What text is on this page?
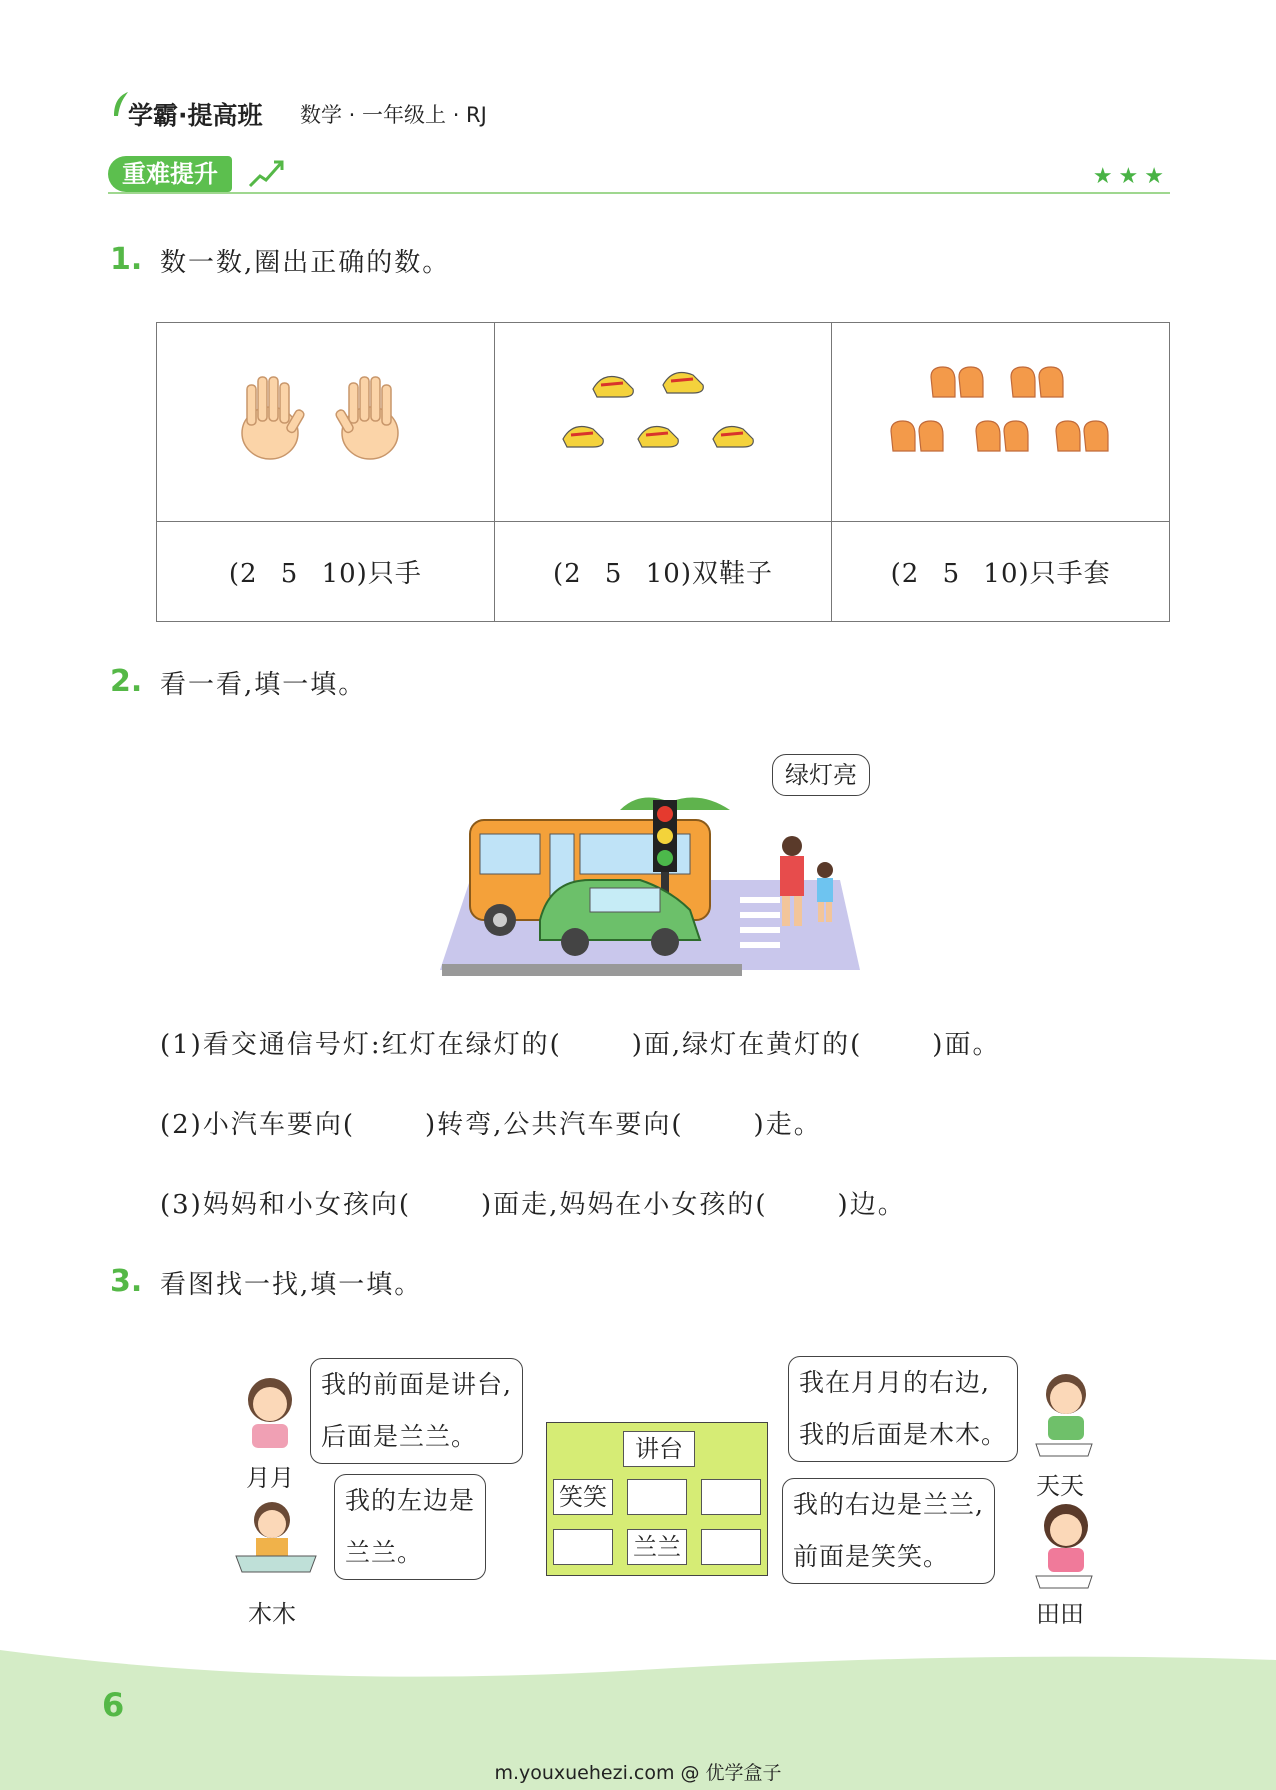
学霸·提高班 数学 · 一年级上 · RJ
重难提升	★★★
1. 数一数,圈出正确的数。

(2 5 10)只手	(2 5 10)双鞋子	(2 5 10)只手套
2. 看一看,填一填。
绿灯亮
(1)看交通信号灯:红灯在绿灯的(	)面,绿灯在黄灯的(	)面。
(2)小汽车要向(	)转弯,公共汽车要向(	)走。
(3)妈妈和小女孩向(	)面走,妈妈在小女孩的(	)边。
3. 看图找一找,填一填。
讲台
笑笑
兰兰
月月
我的前面是讲台,
后面是兰兰。
木木
我的左边是
兰兰。
我在月月的右边,
我的后面是木木。
天天
我的右边是兰兰,
前面是笑笑。
田田
6
m.youxuehezi.com @ 优学盒子
